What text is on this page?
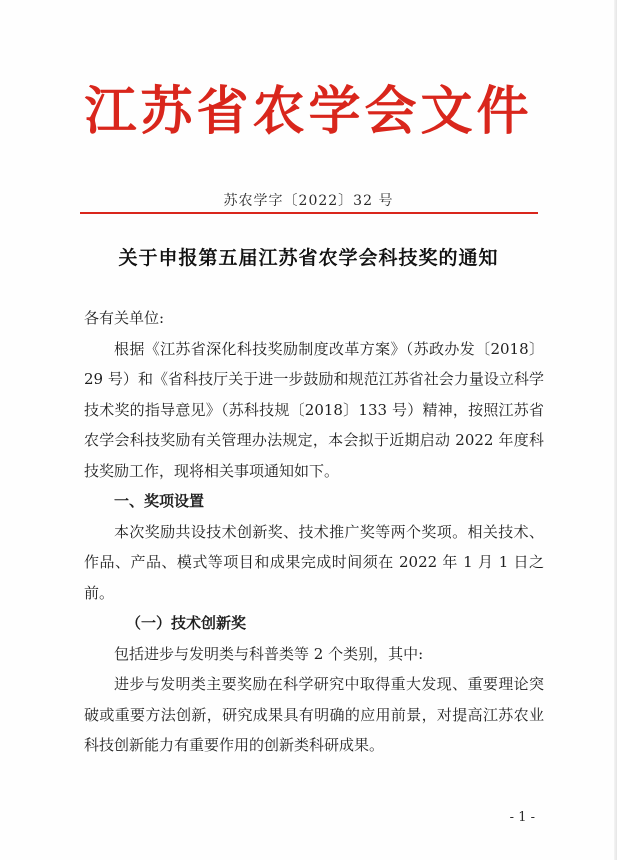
江苏省农学会文件
苏农学字〔2022〕32 号
关于申报第五届江苏省农学会科技奖的通知

各有关单位:

根据《江苏省深化科技奖励制度改革方案》（苏政办发〔2018〕29 号）和《省科技厅关于进一步鼓励和规范江苏省社会力量设立科学技术奖的指导意见》（苏科技规〔2018〕133 号）精神，按照江苏省农学会科技奖励有关管理办法规定，本会拟于近期启动 2022 年度科技奖励工作，现将相关事项通知如下。

一、奖项设置

本次奖励共设技术创新奖、技术推广奖等两个奖项。相关技术、作品、产品、模式等项目和成果完成时间须在 2022 年 1 月 1 日之前。

（一）技术创新奖

包括进步与发明类与科普类等 2 个类别，其中:

进步与发明类主要奖励在科学研究中取得重大发现、重要理论突破或重要方法创新，研究成果具有明确的应用前景，对提高江苏农业科技创新能力有重要作用的创新类科研成果。

- 1 -
